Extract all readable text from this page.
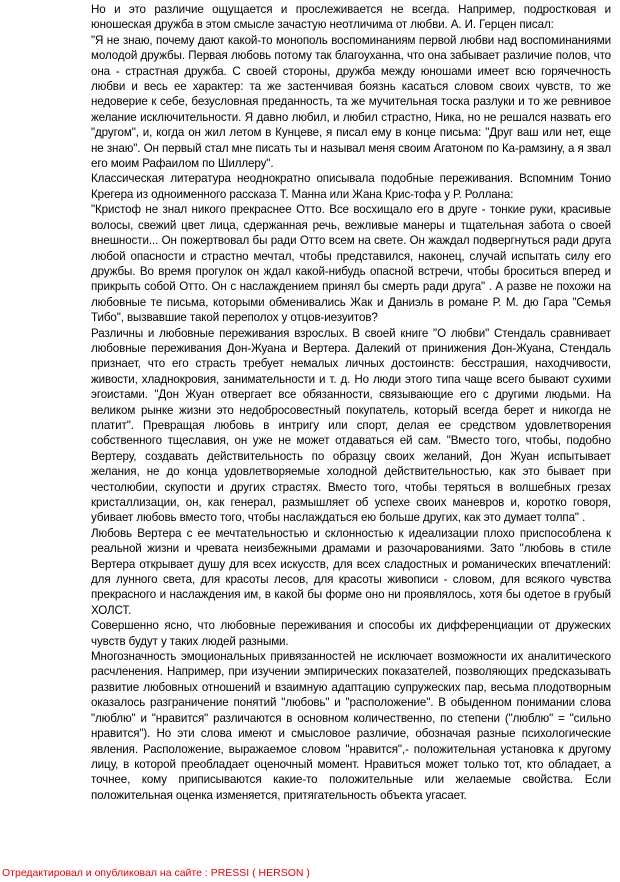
Но и это различие ощущается и прослеживается не всегда. Например, подростковая и юношеская дружба в этом смысле зачастую неотличима от любви. А. И. Герцен писал:

"Я не знаю, почему дают какой-то монополь воспоминаниям первой любви над воспоминаниями молодой дружбы. Первая любовь потому так благоуханна, что она забывает различие полов, что она - страстная дружба. С своей стороны, дружба между юношами имеет всю горячечность любви и весь ее характер: та же застенчивая боязнь касаться словом своих чувств, то же недоверие к себе, безусловная преданность, та же мучительная тоска разлуки и то же ревнивое желание исключительности. Я давно любил, и любил страстно, Ника, но не решался назвать его "другом", и, когда он жил летом в Кунцеве, я писал ему в конце письма: "Друг ваш или нет, еще не знаю". Он первый стал мне писать ты и называл меня своим Агатоном по Ка-рамзину, а я звал его моим Рафаилом по Шиллеру".

Классическая литература неоднократно описывала подобные переживания. Вспомним Тонио Крегера из одноименного рассказа Т. Манна или Жана Крис-тофа у Р. Роллана:

"Кристоф не знал никого прекраснее Отто. Все восхищало его в друге - тонкие руки, красивые волосы, свежий цвет лица, сдержанная речь, вежливые манеры и тщательная забота о своей внешности... Он пожертвовал бы ради Отто всем на свете. Он жаждал подвергнуться ради друга любой опасности и страстно мечтал, чтобы представился, наконец, случай испытать силу его дружбы. Во время прогулок он ждал какой-нибудь опасной встречи, чтобы броситься вперед и прикрыть собой Отто. Он с наслаждением принял бы смерть ради друга" . А разве не похожи на любовные те письма, которыми обменивались Жак и Даниэль в романе Р. М. дю Гара "Семья Тибо", вызвавшие такой переполох у отцов-иезуитов?

Различны и любовные переживания взрослых. В своей книге "О любви" Стендаль сравнивает любовные переживания Дон-Жуана и Вертера. Далекий от принижения Дон-Жуана, Стендаль признает, что его страсть требует немалых личных достоинств: бесстрашия, находчивости, живости, хладнокровия, занимательности и т. д. Но люди этого типа чаще всего бывают сухими эгоистами. "Дон Жуан отвергает все обязанности, связывающие его с другими людьми. На великом рынке жизни это недобросовестный покупатель, который всегда берет и никогда не платит". Превращая любовь в интригу или спорт, делая ее средством удовлетворения собственного тщеславия, он уже не может отдаваться ей сам. "Вместо того, чтобы, подобно Вертеру, создавать действительность по образцу своих желаний, Дон Жуан испытывает желания, не до конца удовлетворяемые холодной действительностью, как это бывает при честолюбии, скупости и других страстях. Вместо того, чтобы теряться в волшебных грезах кристаллизации, он, как генерал, размышляет об успехе своих маневров и, коротко говоря, убивает любовь вместо того, чтобы наслаждаться ею больше других, как это думает толпа" .

Любовь Вертера с ее мечтательностью и склонностью к идеализации плохо приспособлена к реальной жизни и чревата неизбежными драмами и разочарованиями. Зато "любовь в стиле Вертера открывает душу для всех искусств, для всех сладостных и романических впечатлений: для лунного света, для красоты лесов, для красоты живописи - словом, для всякого чувства прекрасного и наслаждения им, в какой бы форме оно ни проявлялось, хотя бы одетое в грубый ХОЛСТ.

Совершенно ясно, что любовные переживания и способы их дифференциации от дружеских чувств будут у таких людей разными.

Многозначность эмоциональных привязанностей не исключает возможности их аналитического расчленения. Например, при изучении эмпирических показателей, позволяющих предсказывать развитие любовных отношений и взаимную адаптацию супружеских пар, весьма плодотворным оказалось разграничение понятий "любовь" и "расположение". В обыденном понимании слова "люблю" и "нравится" различаются в основном количественно, по степени ("люблю" = "сильно нравится"). Но эти слова имеют и смысловое различие, обозначая разные психологические явления. Расположение, выражаемое словом "нравится",- положительная установка к другому лицу, в которой преобладает оценочный момент. Нравиться может только тот, кто обладает, а точнее, кому приписываются какие-то положительные или желаемые свойства. Если положительная оценка изменяется, притягательность объекта угасает.

Отредактировал и опубликовал на сайте : PRESSI ( HERSON )
